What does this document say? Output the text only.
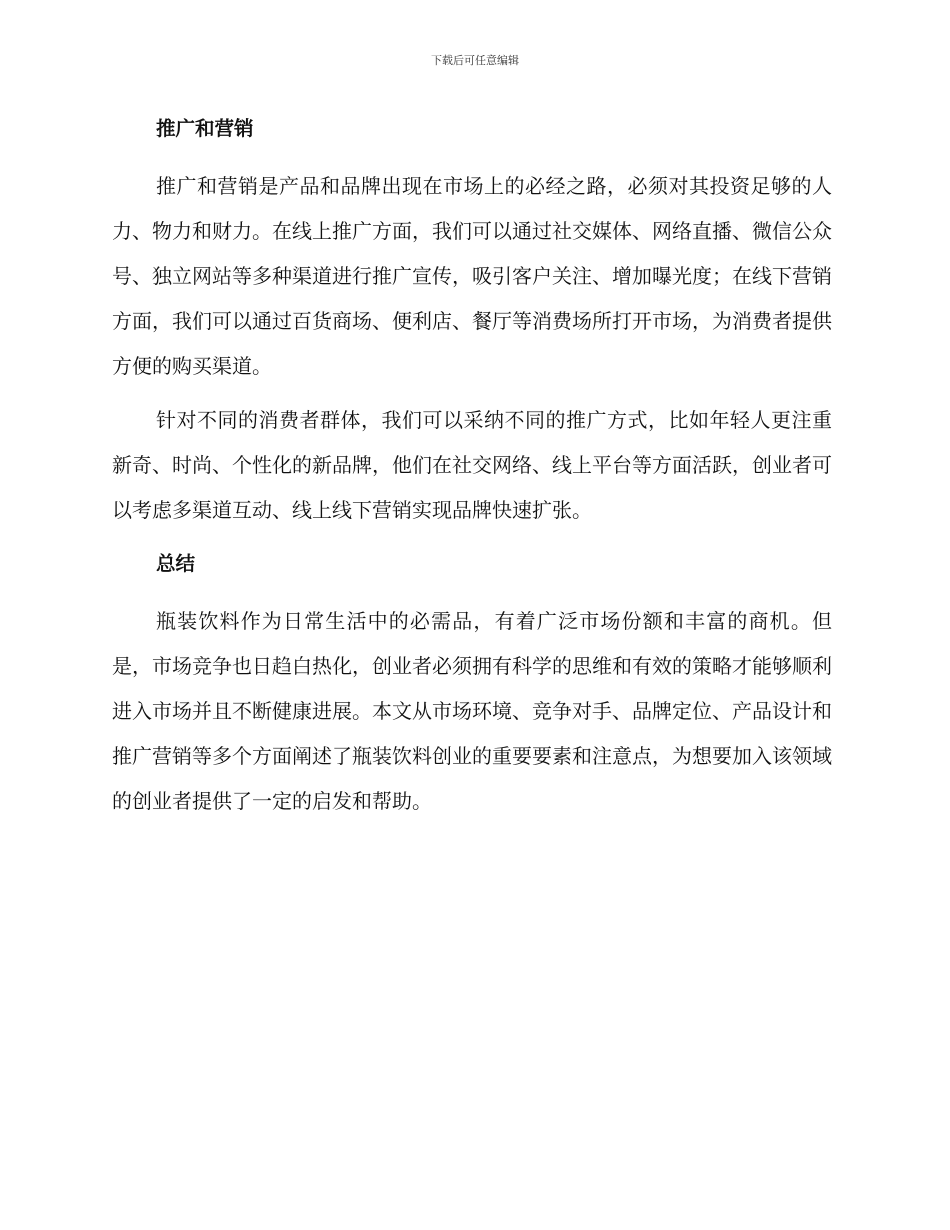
下载后可任意编辑
推广和营销

推广和营销是产品和品牌出现在市场上的必经之路，必须对其投资足够的人力、物力和财力。在线上推广方面，我们可以通过社交媒体、网络直播、微信公众号、独立网站等多种渠道进行推广宣传，吸引客户关注、增加曝光度；在线下营销方面，我们可以通过百货商场、便利店、餐厅等消费场所打开市场，为消费者提供方便的购买渠道。

针对不同的消费者群体，我们可以采纳不同的推广方式，比如年轻人更注重新奇、时尚、个性化的新品牌，他们在社交网络、线上平台等方面活跃，创业者可以考虑多渠道互动、线上线下营销实现品牌快速扩张。

总结

瓶装饮料作为日常生活中的必需品，有着广泛市场份额和丰富的商机。但是，市场竞争也日趋白热化，创业者必须拥有科学的思维和有效的策略才能够顺利进入市场并且不断健康进展。本文从市场环境、竞争对手、品牌定位、产品设计和推广营销等多个方面阐述了瓶装饮料创业的重要要素和注意点，为想要加入该领域的创业者提供了一定的启发和帮助。
